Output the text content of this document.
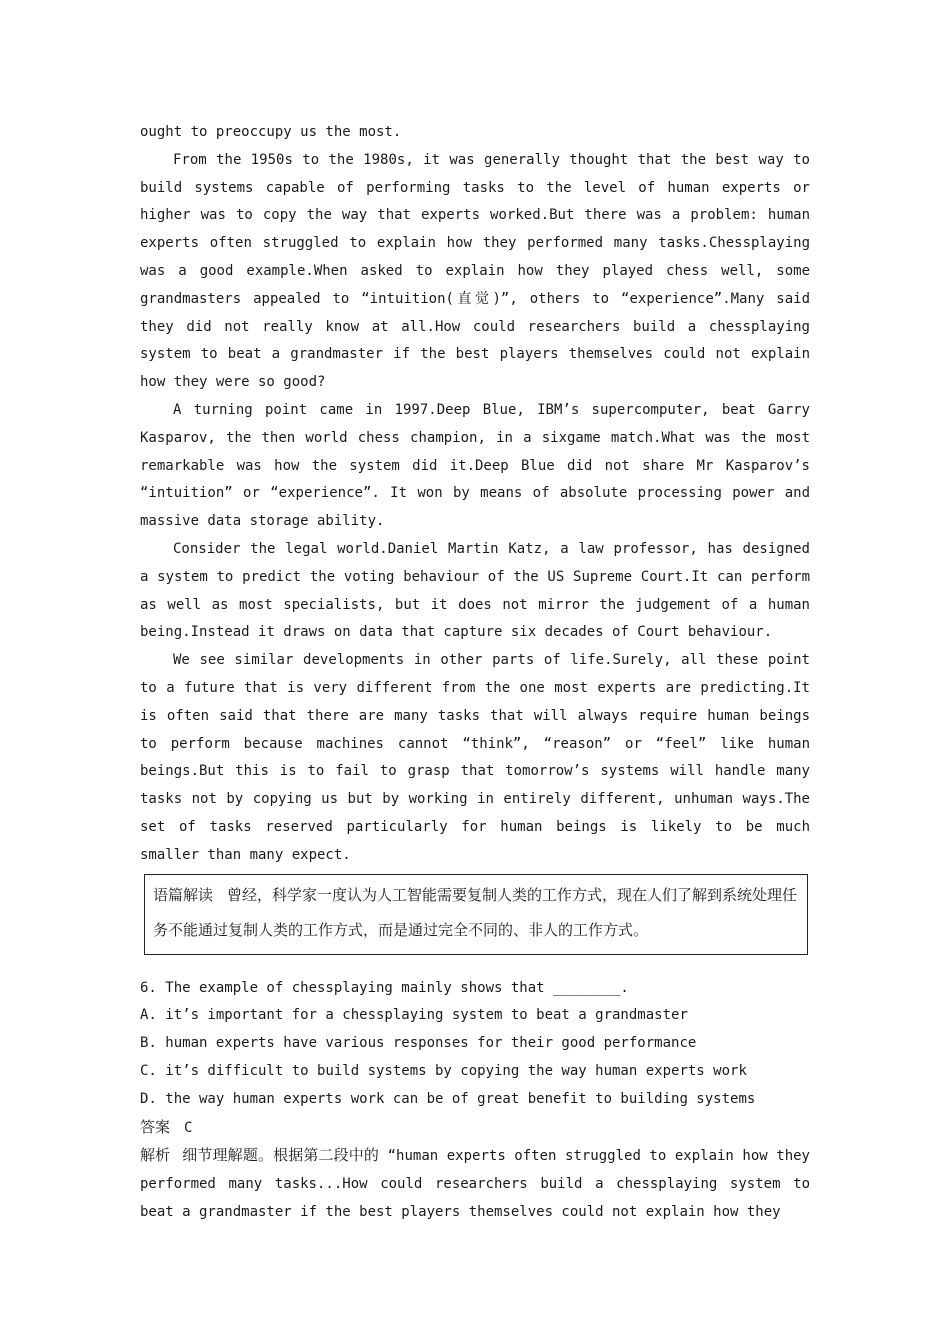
ought to preoccupy us the most.

From the 1950s to the 1980s, it was generally thought that the best way to build systems capable of performing tasks to the level of human experts or higher was to copy the way that experts worked.But there was a problem: human experts often struggled to explain how they performed many tasks.Chessplaying was a good example.When asked to explain how they played chess well, some grandmasters appealed to “intuition(直觉)”, others to “experience”.Many said they did not really know at all.How could researchers build a chessplaying system to beat a grandmaster if the best players themselves could not explain how they were so good?

A turning point came in 1997.Deep Blue, IBM’s supercomputer, beat Garry Kasparov, the then world chess champion, in a sixgame match.What was the most remarkable was how the system did it.Deep Blue did not share Mr Kasparov’s “intuition” or “experience”. It won by means of absolute processing power and massive data storage ability.

Consider the legal world.Daniel Martin Katz, a law professor, has designed a system to predict the voting behaviour of the US Supreme Court.It can perform as well as most specialists, but it does not mirror the judgement of a human being.Instead it draws on data that capture six decades of Court behaviour.

We see similar developments in other parts of life.Surely, all these point to a future that is very different from the one most experts are predicting.It is often said that there are many tasks that will always require human beings to perform because machines cannot “think”, “reason” or “feel” like human beings.But this is to fail to grasp that tomorrow’s systems will handle many tasks not by copying us but by working in entirely different, unhuman ways.The set of tasks reserved particularly for human beings is likely to be much smaller than many expect.

语篇解读 曾经，科学家一度认为人工智能需要复制人类的工作方式，现在人们了解到系统处理任务不能通过复制人类的工作方式，而是通过完全不同的、非人的工作方式。

6. The example of chessplaying mainly shows that ________.

A. it’s important for a chessplaying system to beat a grandmaster

B. human experts have various responses for their good performance

C. it’s difficult to build systems by copying the way human experts work

D. the way human experts work can be of great benefit to building systems

答案 C

解析 细节理解题。根据第二段中的 “human experts often struggled to explain how they performed many tasks...How could researchers build a chessplaying system to beat a grandmaster if the best players themselves could not explain how they
